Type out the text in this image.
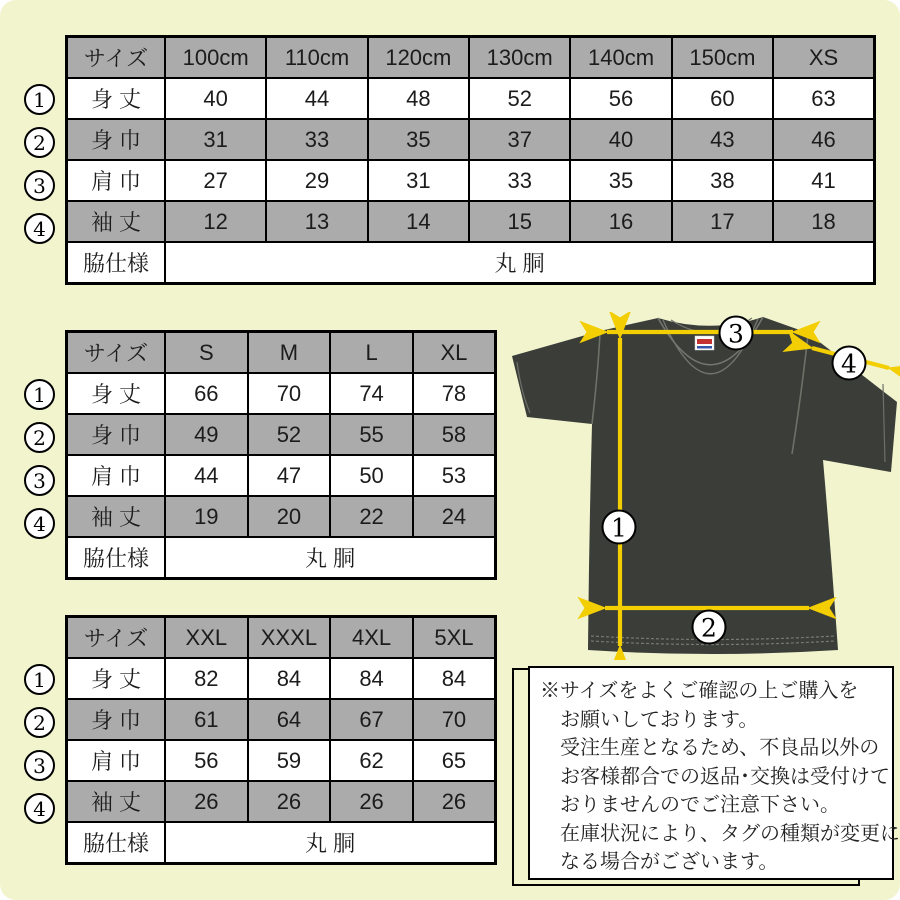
1
2
3
4
1
2
3
4
1
2
3
4
サイズ	100cm	110cm	120cm	130cm	140cm	150cm	XS
身 丈	40	44	48	52	56	60	63
身 巾	31	33	35	37	40	43	46
肩 巾	27	29	31	33	35	38	41
袖 丈	12	13	14	15	16	17	18
脇仕様	丸 胴						
サイズ	S	M	L	XL
身 丈	66	70	74	78
身 巾	49	52	55	58
肩 巾	44	47	50	53
袖 丈	19	20	22	24
脇仕様	丸 胴			
サイズ	XXL	XXXL	4XL	5XL
身 丈	82	84	84	84
身 巾	61	64	67	70
肩 巾	56	59	62	65
袖 丈	26	26	26	26
脇仕様	丸 胴			
3
4
1
2
※サイズをよくご確認の上ご購入を
お願いしております。
受注生産となるため、不良品以外の
お客様都合での返品･交換は受付けて
おりませんのでご注意下さい。
在庫状況により、タグの種類が変更に
なる場合がございます。
